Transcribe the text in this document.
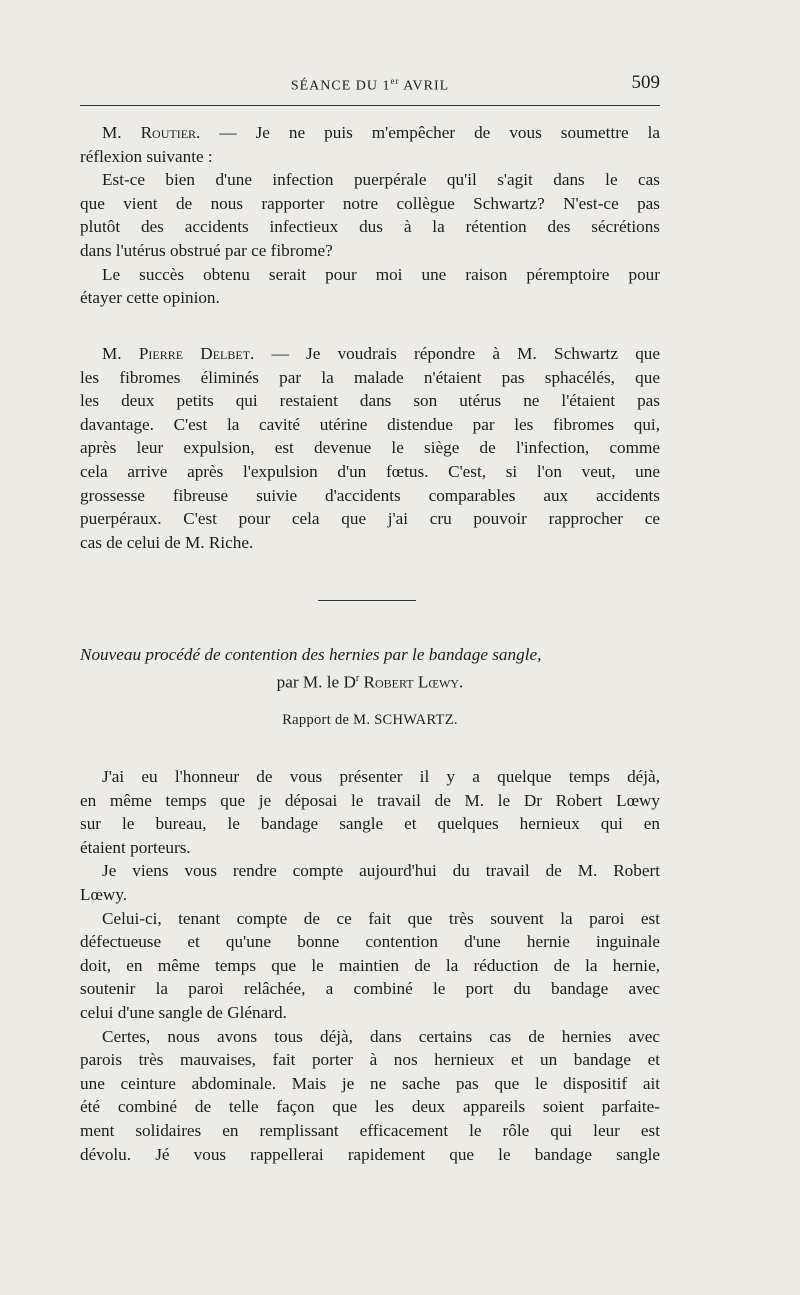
SÉANCE DU 1er AVRIL	509
M. Routier. — Je ne puis m'empêcher de vous soumettre la
réflexion suivante :
Est-ce bien d'une infection puerpérale qu'il s'agit dans le cas
que vient de nous rapporter notre collègue Schwartz? N'est-ce pas
plutôt des accidents infectieux dus à la rétention des sécrétions
dans l'utérus obstrué par ce fibrome?
Le succès obtenu serait pour moi une raison péremptoire pour
étayer cette opinion.
M. Pierre Delbet. — Je voudrais répondre à M. Schwartz que
les fibromes éliminés par la malade n'étaient pas sphacélés, que
les deux petits qui restaient dans son utérus ne l'étaient pas
davantage. C'est la cavité utérine distendue par les fibromes qui,
après leur expulsion, est devenue le siège de l'infection, comme
cela arrive après l'expulsion d'un fœtus. C'est, si l'on veut, une
grossesse fibreuse suivie d'accidents comparables aux accidents
puerpéraux. C'est pour cela que j'ai cru pouvoir rapprocher ce
cas de celui de M. Riche.
Nouveau procédé de contention des hernies par le bandage sangle,
par M. le $D^r$ Robert Lœwy.
Rapport de M. SCHWARTZ.
J'ai eu l'honneur de vous présenter il y a quelque temps déjà,
en même temps que je déposai le travail de M. le Dr Robert Lœwy
sur le bureau, le bandage sangle et quelques hernieux qui en
étaient porteurs.
Je viens vous rendre compte aujourd'hui du travail de M. Robert
Lœwy.
Celui-ci, tenant compte de ce fait que très souvent la paroi est
défectueuse et qu'une bonne contention d'une hernie inguinale
doit, en même temps que le maintien de la réduction de la hernie,
soutenir la paroi relâchée, a combiné le port du bandage avec
celui d'une sangle de Glénard.
Certes, nous avons tous déjà, dans certains cas de hernies avec
parois très mauvaises, fait porter à nos hernieux et un bandage et
une ceinture abdominale. Mais je ne sache pas que le dispositif ait
été combiné de telle façon que les deux appareils soient parfaite-
ment solidaires en remplissant efficacement le rôle qui leur est
dévolu. Jé vous rappellerai rapidement que le bandage sangle
